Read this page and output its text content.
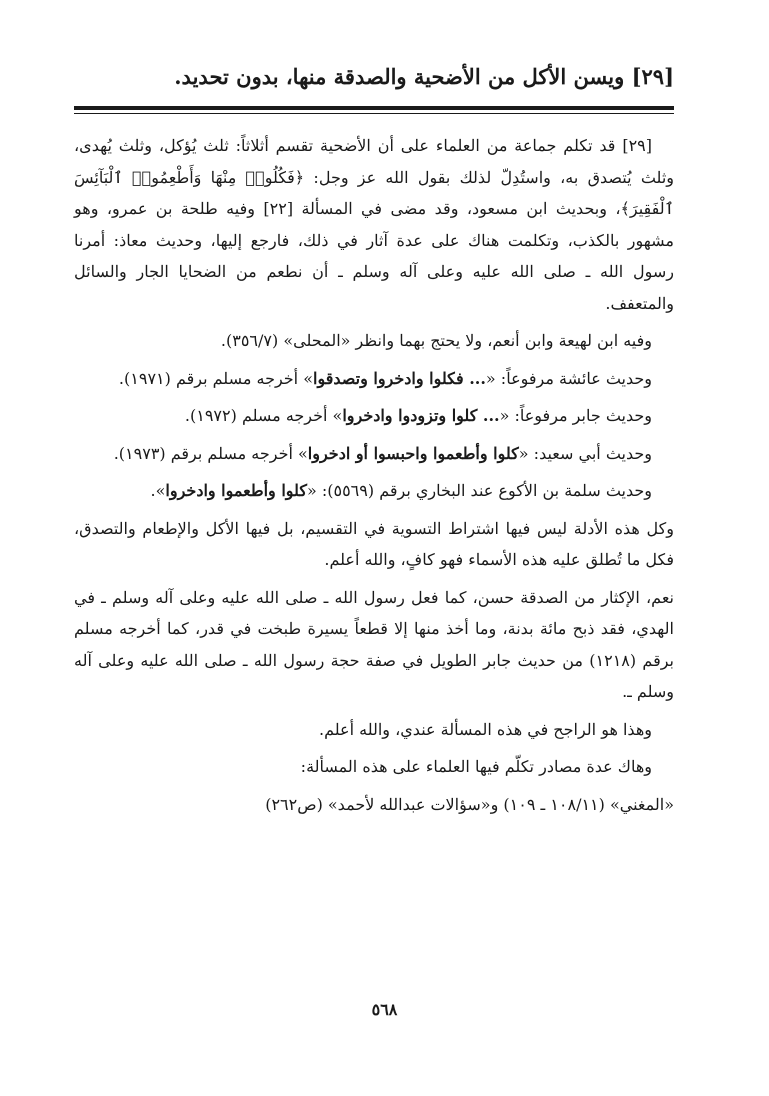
[٢٩] ويسن الأكل من الأضحية والصدقة منها، بدون تحديد.

[٢٩] قد تكلم جماعة من العلماء على أن الأضحية تقسم أثلاثاً: ثلث يُؤكل، وثلث يُهدى، وثلث يُتصدق به، واستُدِلّ لذلك بقول الله عز وجل: ﴿فَكُلُوا۟ مِنْهَا وَأَطْعِمُوا۟ ٱلْبَآئِسَ ٱلْفَقِيرَ﴾، وبحديث ابن مسعود، وقد مضى في المسألة [٢٢] وفيه طلحة بن عمرو، وهو مشهور بالكذب، وتكلمت هناك على عدة آثار في ذلك، فارجع إليها، وحديث معاذ: أمرنا رسول الله ـ صلى الله عليه وعلى آله وسلم ـ أن نطعم من الضحايا الجار والسائل والمتعفف.

وفيه ابن لهيعة وابن أنعم، ولا يحتج بهما وانظر «المحلى» (٣٥٦/٧).

وحديث عائشة مرفوعاً: «... فكلوا وادخروا وتصدقوا» أخرجه مسلم برقم (١٩٧١).

وحديث جابر مرفوعاً: «... كلوا وتزودوا وادخروا» أخرجه مسلم (١٩٧٢).

وحديث أبي سعيد: «كلوا وأطعموا واحبسوا أو ادخروا» أخرجه مسلم برقم (١٩٧٣).

وحديث سلمة بن الأكوع عند البخاري برقم (٥٥٦٩): «كلوا وأطعموا وادخروا».

وكل هذه الأدلة ليس فيها اشتراط التسوية في التقسيم، بل فيها الأكل والإطعام والتصدق، فكل ما تُطلق عليه هذه الأسماء فهو كافٍ، والله أعلم.

نعم، الإكثار من الصدقة حسن، كما فعل رسول الله ـ صلى الله عليه وعلى آله وسلم ـ في الهدي، فقد ذبح مائة بدنة، وما أخذ منها إلا قطعاً يسيرة طبخت في قدر، كما أخرجه مسلم برقم (١٢١٨) من حديث جابر الطويل في صفة حجة رسول الله ـ صلى الله عليه وعلى آله وسلم ـ.

وهذا هو الراجح في هذه المسألة عندي، والله أعلم.

وهاك عدة مصادر تكلّم فيها العلماء على هذه المسألة:

«المغني» (١٠٨/١١ ـ ١٠٩) و«سؤالات عبدالله لأحمد» (ص٢٦٢)

٥٦٨
